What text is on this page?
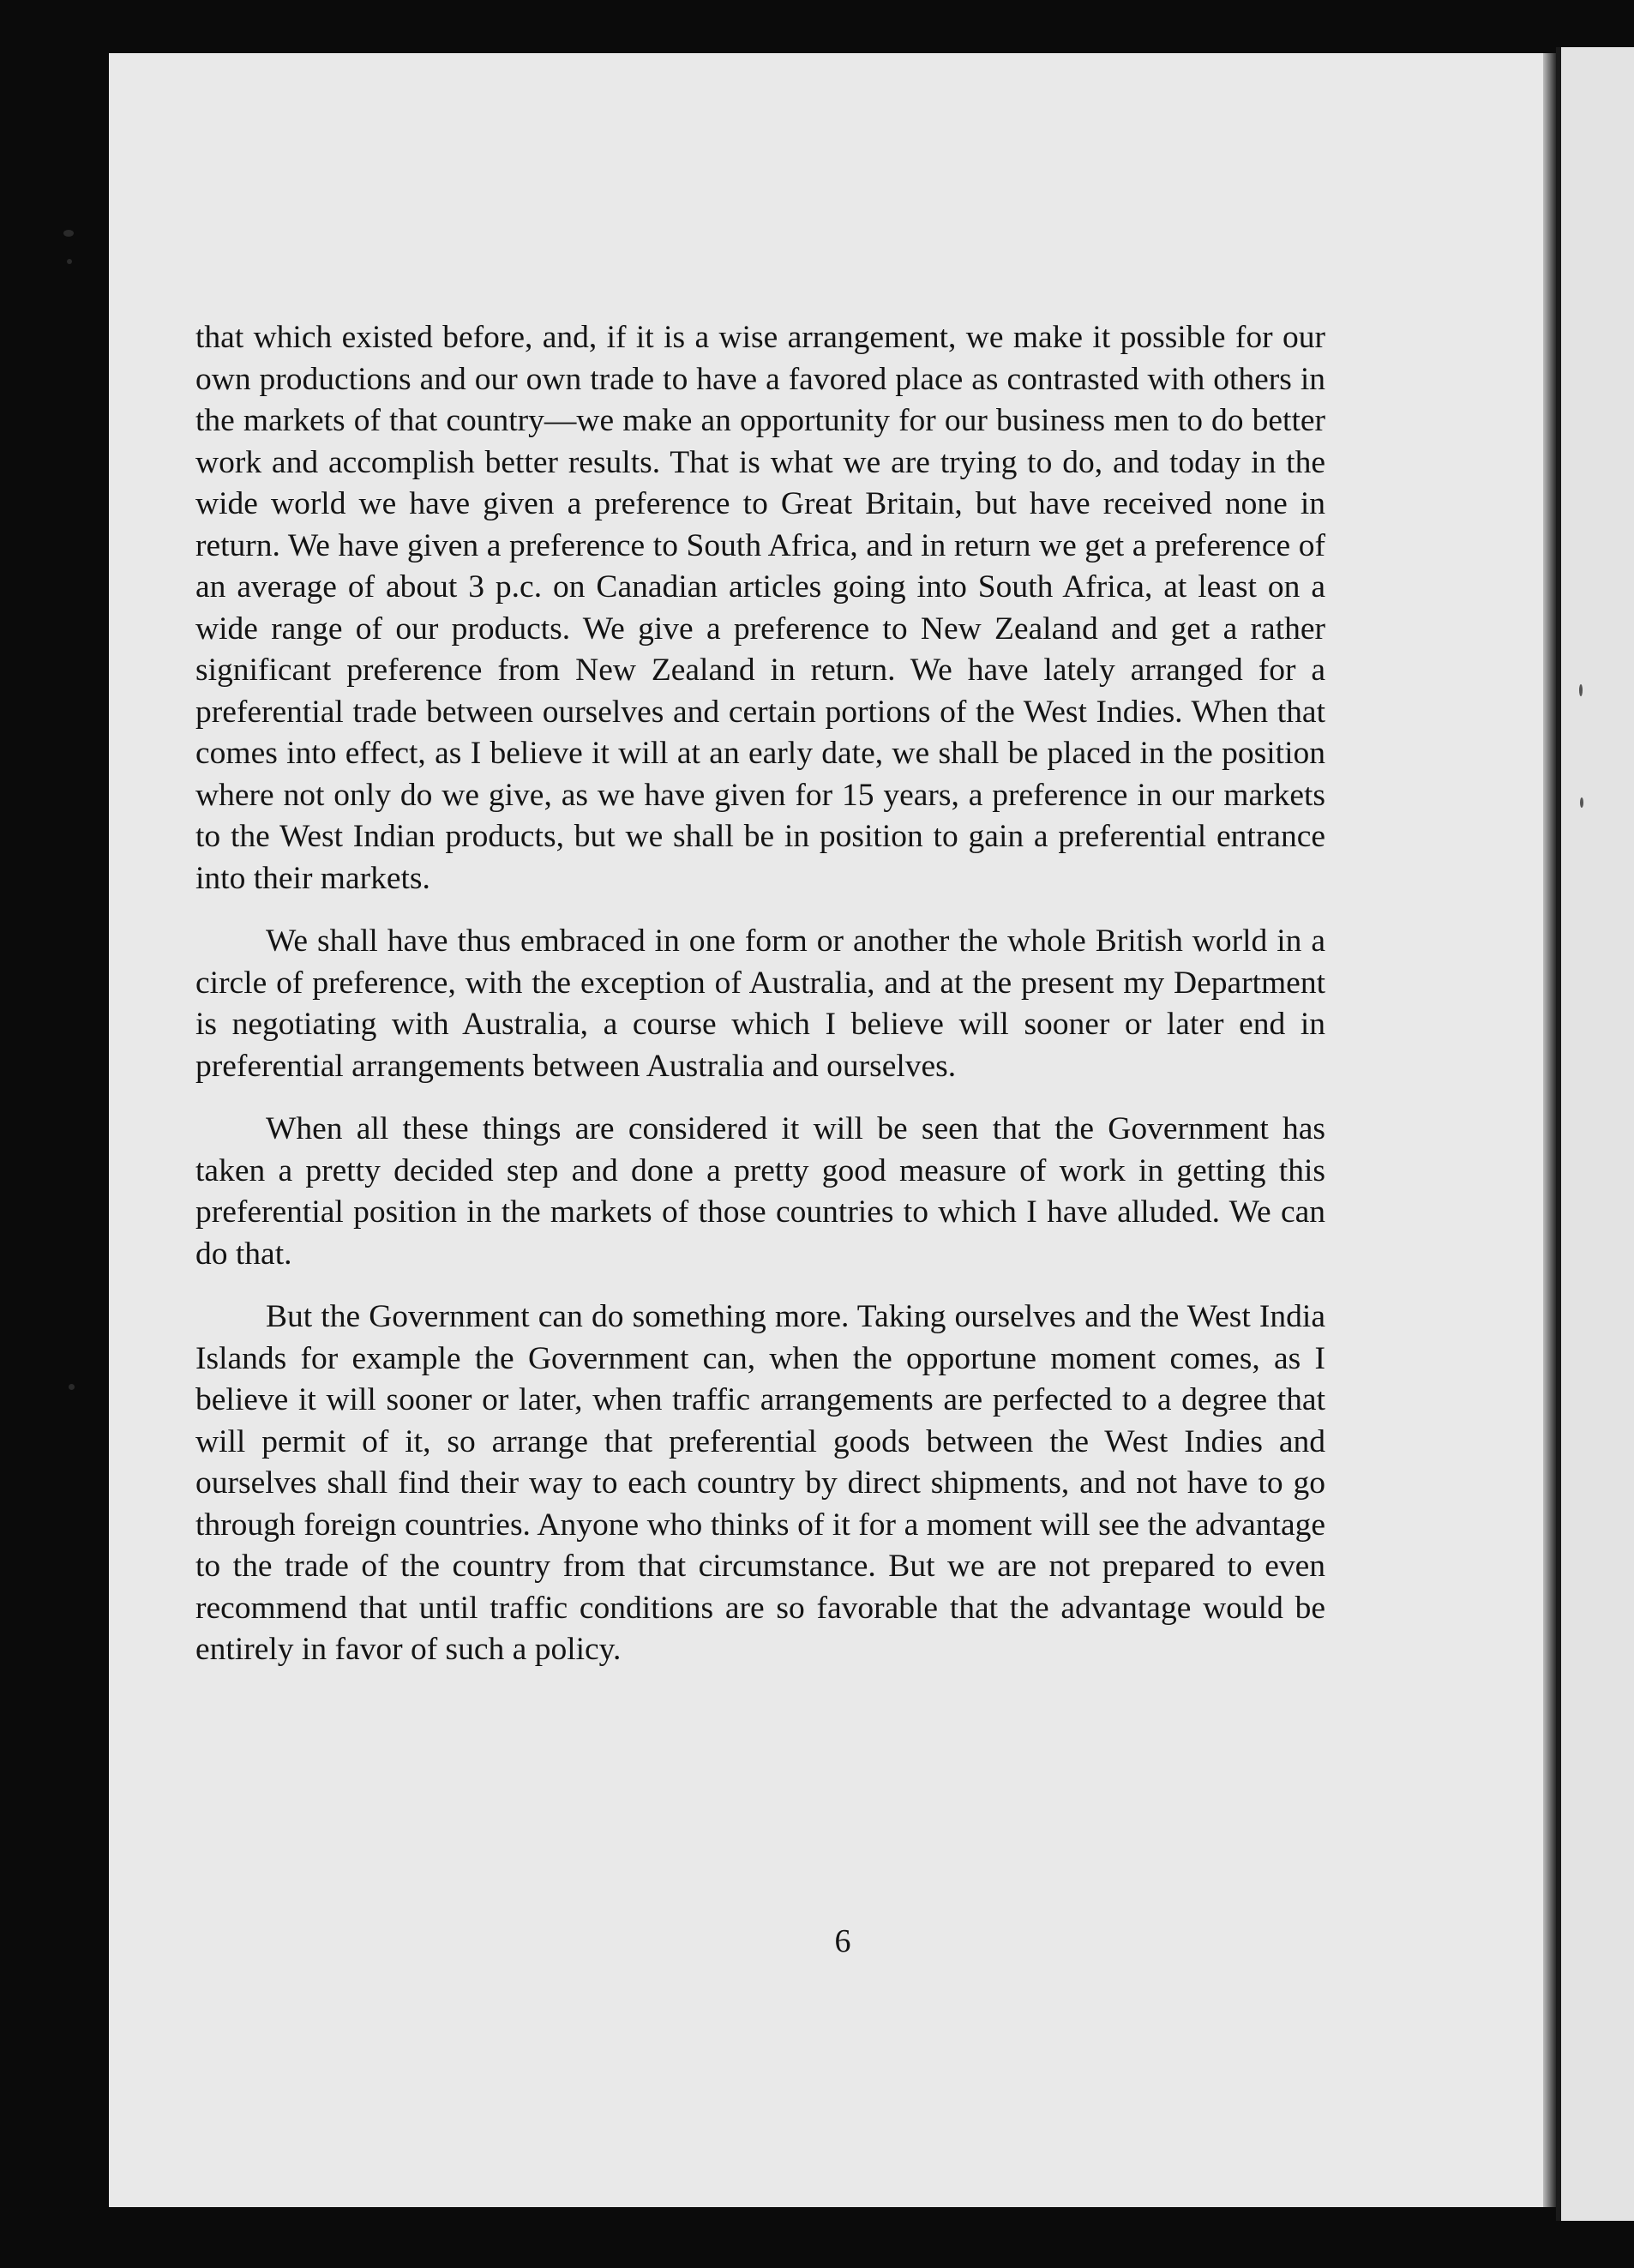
that which existed before, and, if it is a wise arrangement, we make it possible for our own productions and our own trade to have a favored place as contrasted with others in the markets of that country—we make an opportunity for our business men to do better work and accomplish better results. That is what we are trying to do, and today in the wide world we have given a preference to Great Britain, but have received none in return. We have given a preference to South Africa, and in return we get a preference of an average of about 3 p.c. on Canadian articles going into South Africa, at least on a wide range of our products. We give a preference to New Zealand and get a rather significant preference from New Zealand in return. We have lately arranged for a preferential trade between ourselves and certain portions of the West Indies. When that comes into effect, as I believe it will at an early date, we shall be placed in the position where not only do we give, as we have given for 15 years, a preference in our markets to the West Indian products, but we shall be in position to gain a preferential entrance into their markets.

We shall have thus embraced in one form or another the whole British world in a circle of preference, with the exception of Australia, and at the present my Department is negotiating with Australia, a course which I believe will sooner or later end in preferential arrangements between Australia and ourselves.

When all these things are considered it will be seen that the Government has taken a pretty decided step and done a pretty good measure of work in getting this preferential position in the markets of those countries to which I have alluded. We can do that.

But the Government can do something more. Taking ourselves and the West India Islands for example the Government can, when the opportune moment comes, as I believe it will sooner or later, when traffic arrangements are perfected to a degree that will permit of it, so arrange that preferential goods between the West Indies and ourselves shall find their way to each country by direct shipments, and not have to go through foreign countries. Anyone who thinks of it for a moment will see the advantage to the trade of the country from that circumstance. But we are not prepared to even recommend that until traffic conditions are so favorable that the advantage would be entirely in favor of such a policy.

6
